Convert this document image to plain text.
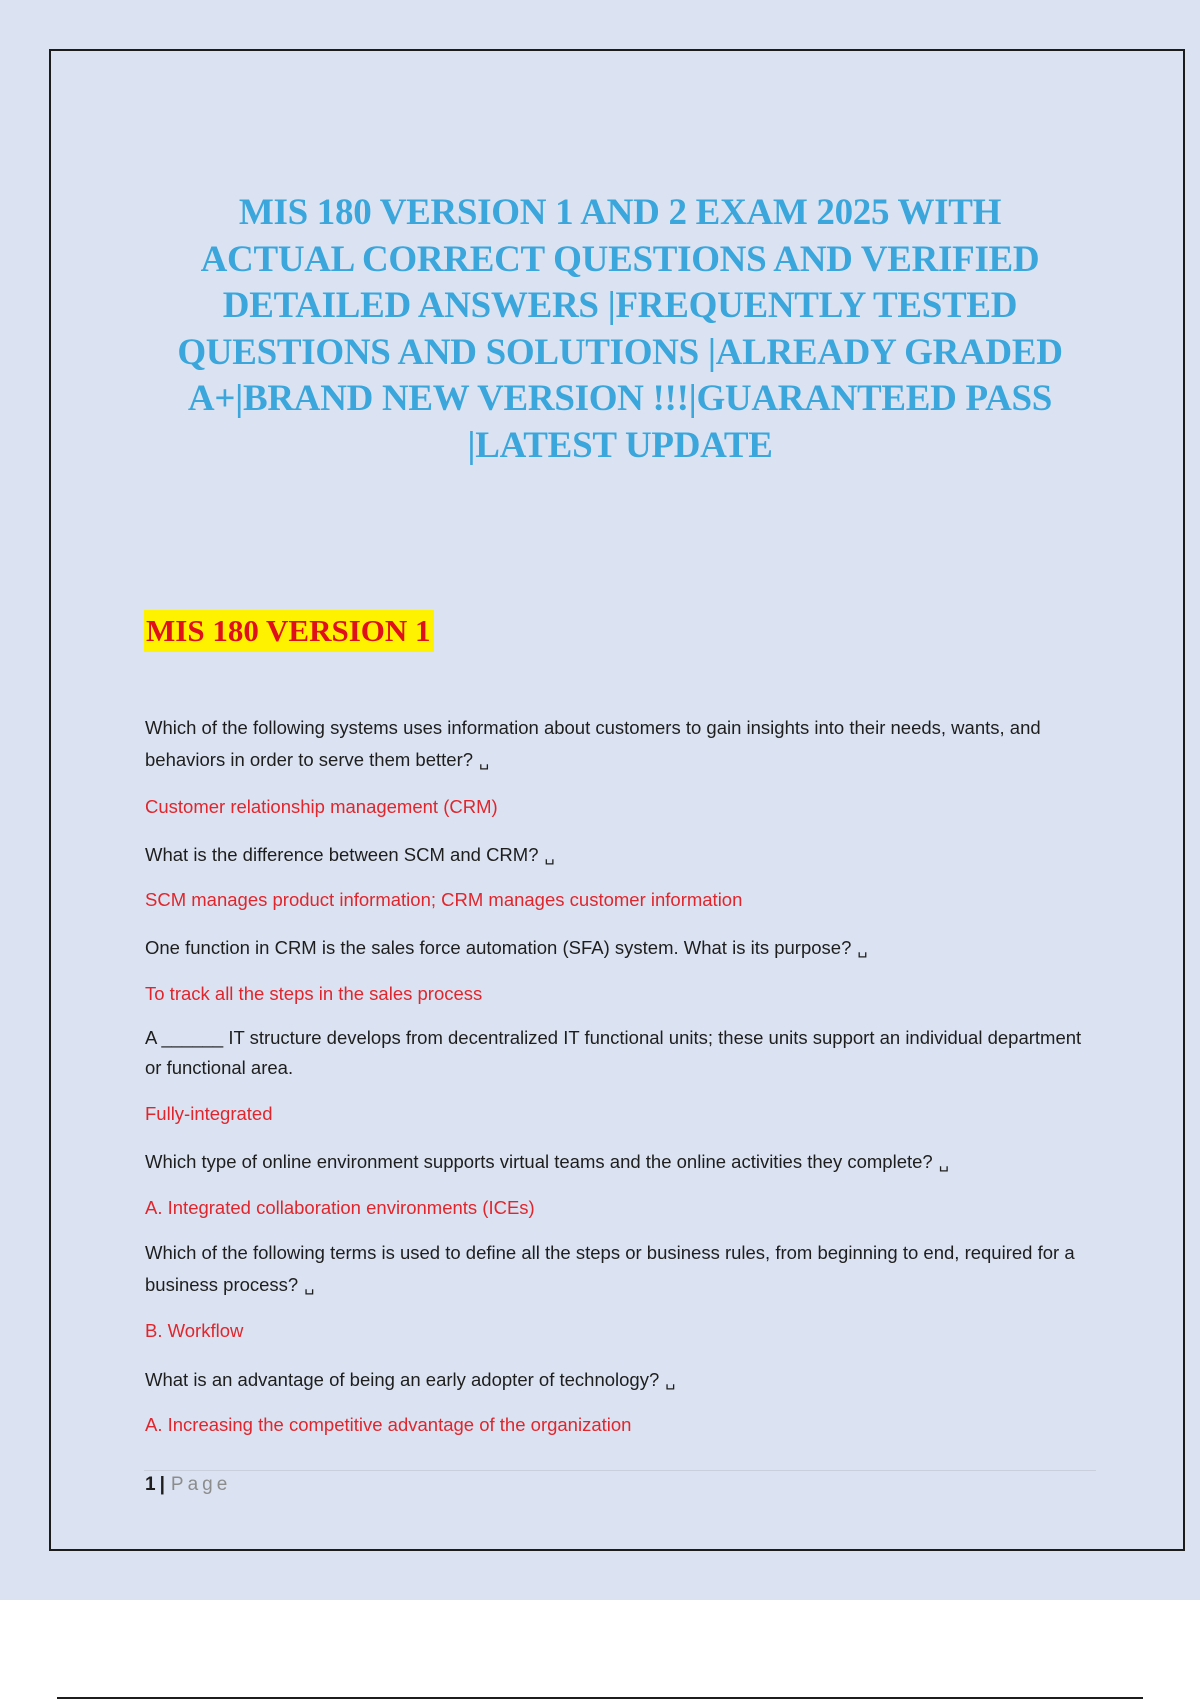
MIS 180 VERSION 1 AND 2 EXAM 2025 WITH
ACTUAL CORRECT QUESTIONS AND VERIFIED
DETAILED ANSWERS |FREQUENTLY TESTED
QUESTIONS AND SOLUTIONS |ALREADY GRADED
A+|BRAND NEW VERSION !!!|GUARANTEED PASS
|LATEST UPDATE
MIS 180 VERSION 1

Which of the following systems uses information about customers to gain insights into their needs, wants, and behaviors in order to serve them better? ␣

Customer relationship management (CRM)

What is the difference between SCM and CRM? ␣

SCM manages product information; CRM manages customer information

One function in CRM is the sales force automation (SFA) system. What is its purpose? ␣

To track all the steps in the sales process

A ______ IT structure develops from decentralized IT functional units; these units support an individual department or functional area.

Fully-integrated

Which type of online environment supports virtual teams and the online activities they complete? ␣

A. Integrated collaboration environments (ICEs)

Which of the following terms is used to define all the steps or business rules, from beginning to end, required for a business process? ␣

B. Workflow

What is an advantage of being an early adopter of technology? ␣

A. Increasing the competitive advantage of the organization

1 | Page
